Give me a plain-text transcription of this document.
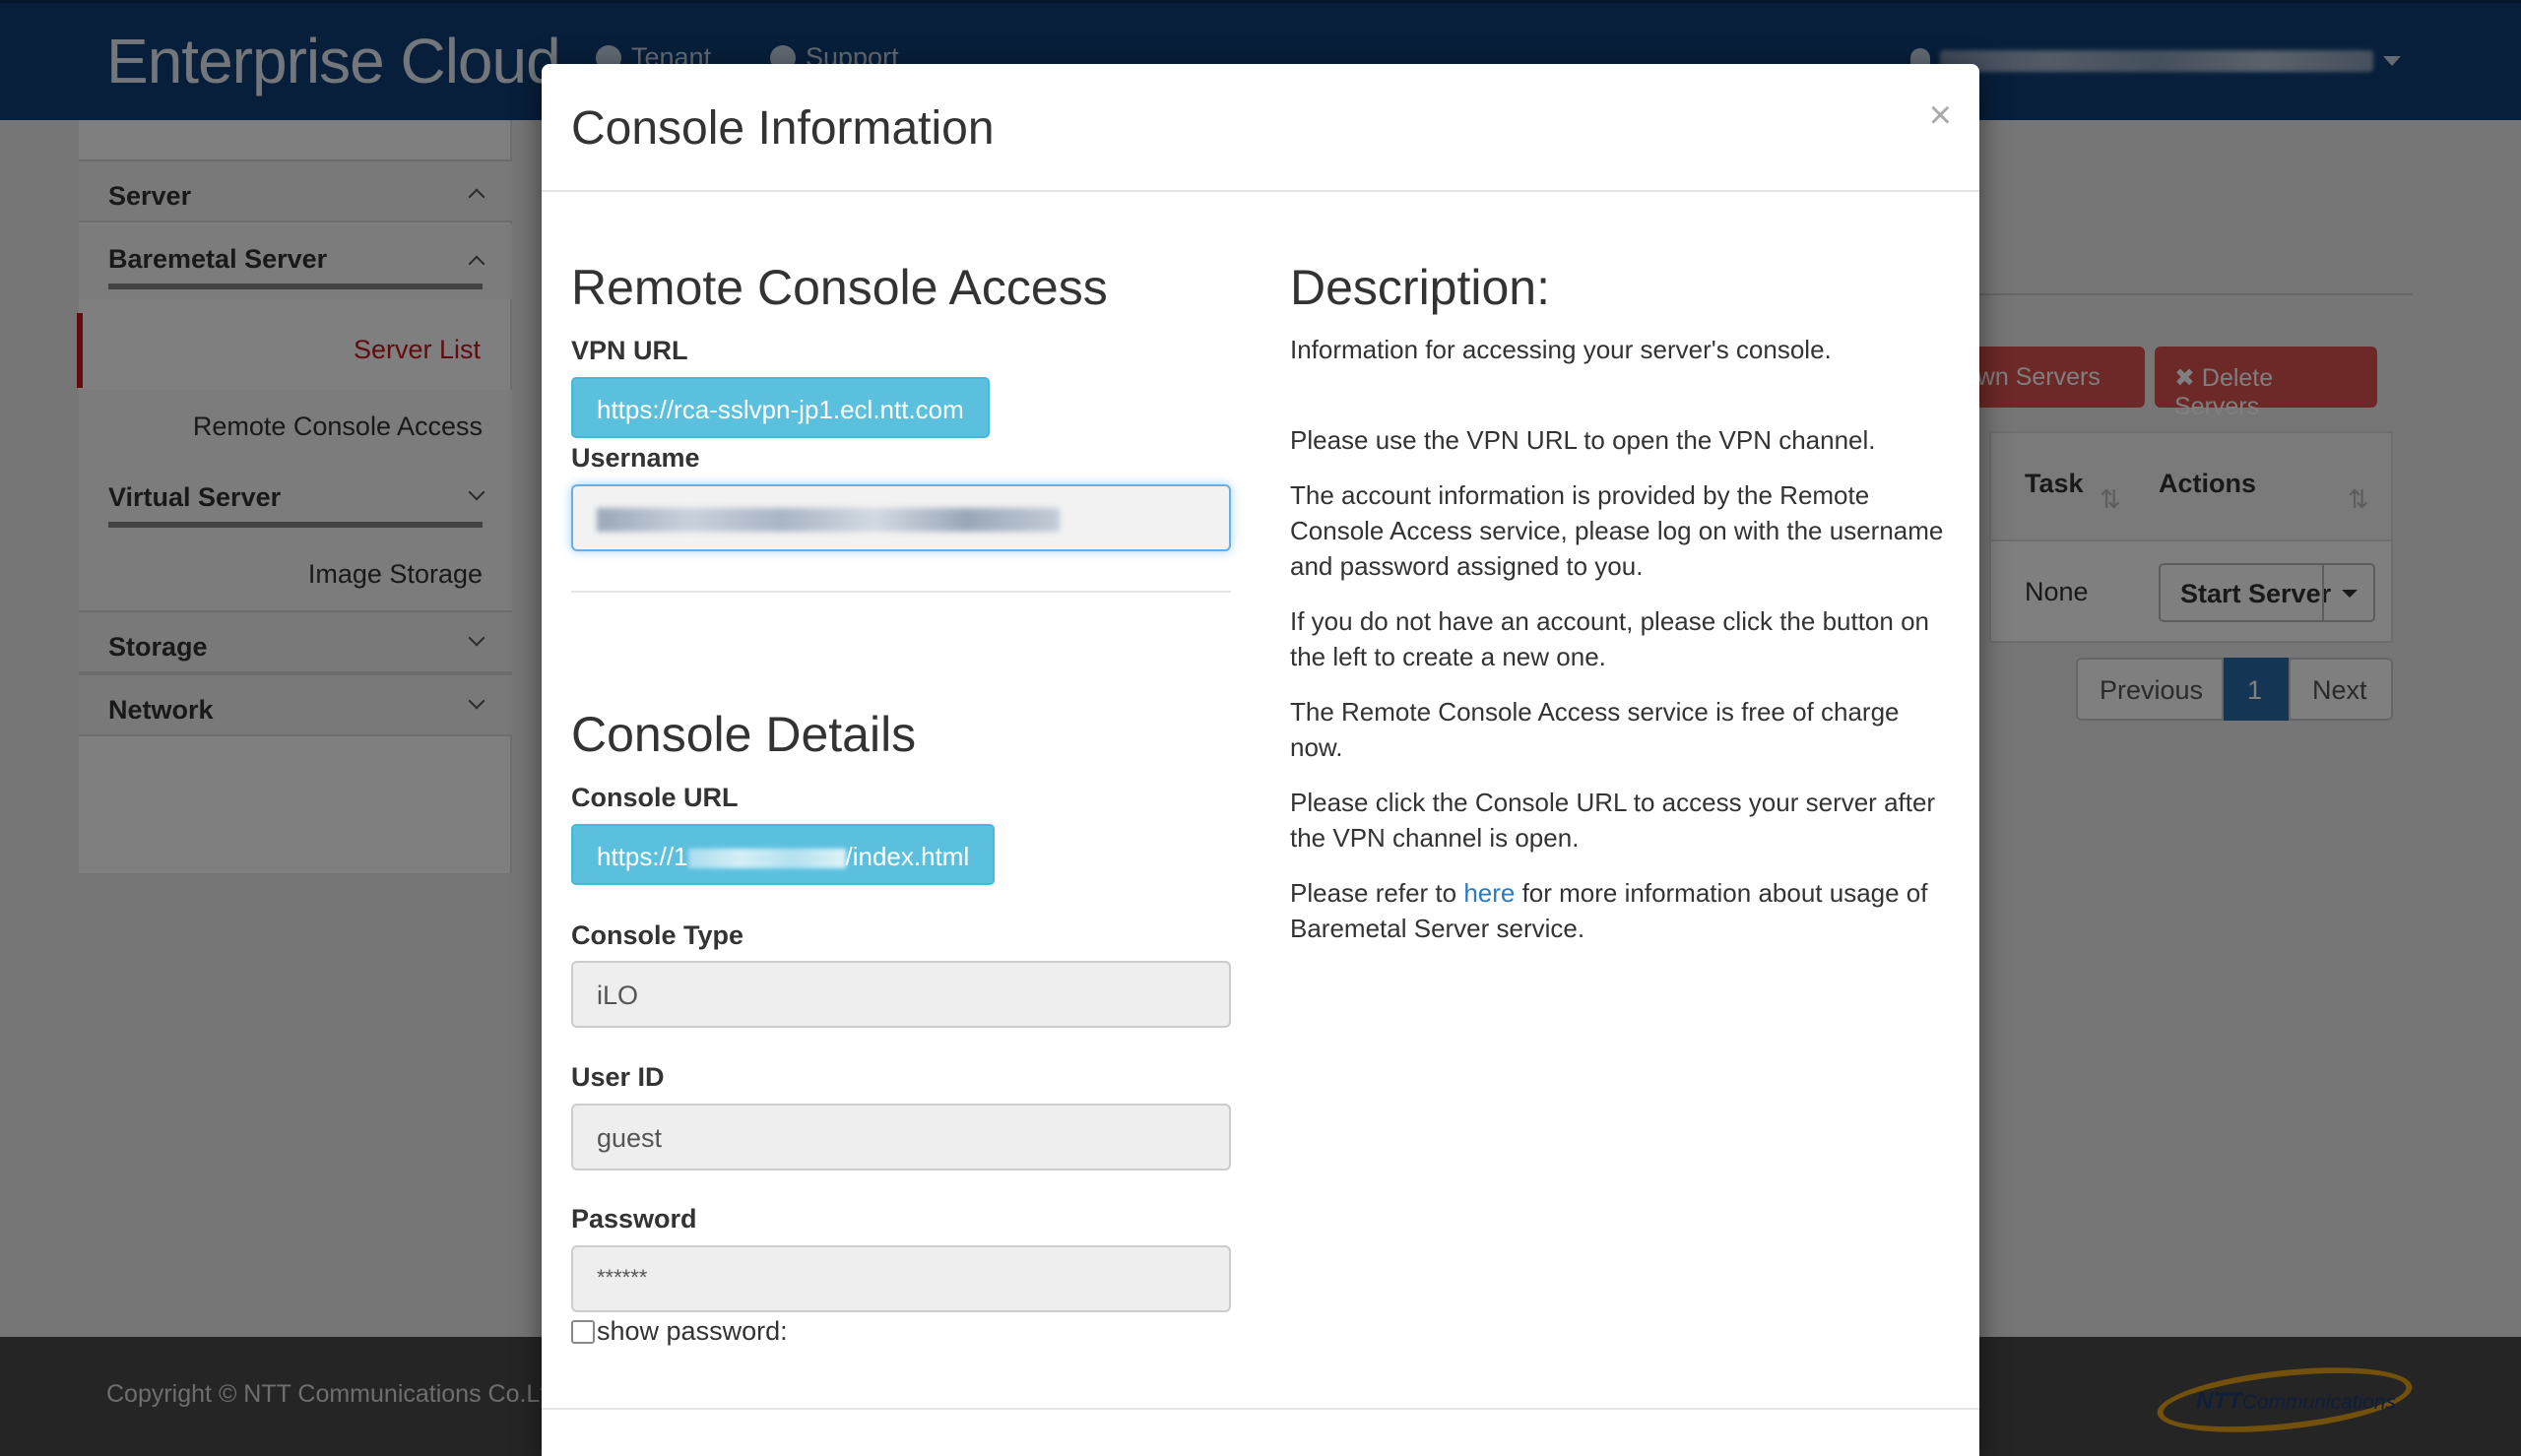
Console Information	×
Remote Console Access
VPN URL
https://rca-sslvpn-jp1.ecl.ntt.com
Username
Console Details
Console URL
https://1	/index.html
Console Type
iLO
User ID
guest
Password
******
show password:
Description:
Information for accessing your server's console.
Please use the VPN URL to open the VPN channel.
The account information is provided by the Remote Console Access service, please log on with the username and password assigned to you.
If you do not have an account, please click the button on the left to create a new one.
The Remote Console Access service is free of charge now.
Please click the Console URL to access your server after the VPN channel is open.
Please refer to here for more information about usage of Baremetal Server service.
